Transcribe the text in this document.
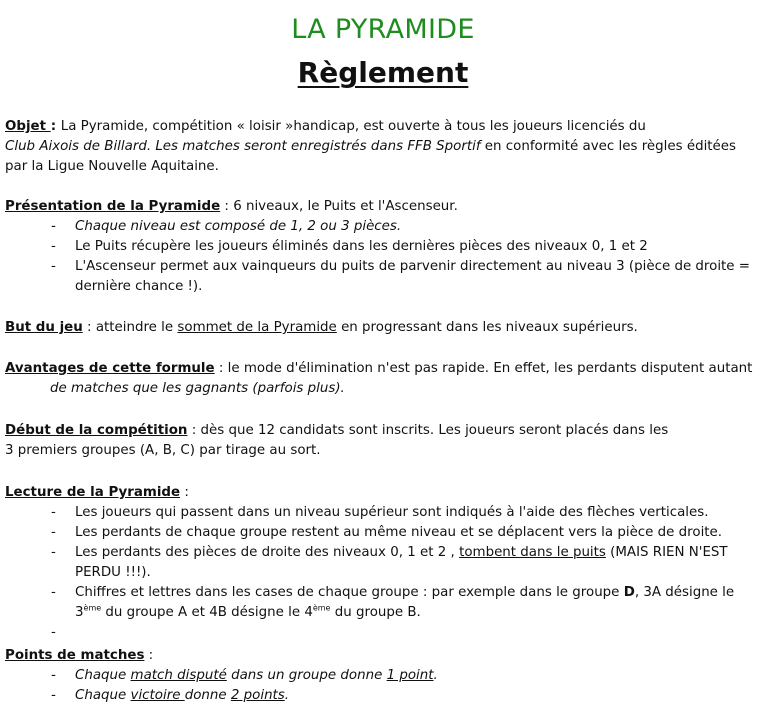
LA PYRAMIDE
Règlement
Objet : La Pyramide, compétition « loisir »handicap, est ouverte à tous les joueurs licenciés du
Club Aixois de Billard. Les matches seront enregistrés dans FFB Sportif en conformité avec les règles éditées
par la Ligue Nouvelle Aquitaine.
Présentation de la Pyramide : 6 niveaux, le Puits et l'Ascenseur.
- Chaque niveau est composé de 1, 2 ou 3 pièces.
- Le Puits récupère les joueurs éliminés dans les dernières pièces des niveaux 0, 1 et 2
- L'Ascenseur permet aux vainqueurs du puits de parvenir directement au niveau 3 (pièce de droite = dernière chance !).
But du jeu : atteindre le sommet de la Pyramide en progressant dans les niveaux supérieurs.
Avantages de cette formule : le mode d'élimination n'est pas rapide. En effet, les perdants disputent autant
de matches que les gagnants (parfois plus).
Début de la compétition : dès que 12 candidats sont inscrits. Les joueurs seront placés dans les
3 premiers groupes (A, B, C) par tirage au sort.
Lecture de la Pyramide :
- Les joueurs qui passent dans un niveau supérieur sont indiqués à l'aide des flèches verticales.
- Les perdants de chaque groupe restent au même niveau et se déplacent vers la pièce de droite.
- Les perdants des pièces de droite des niveaux 0, 1 et 2 , tombent dans le puits (MAIS RIEN N'EST PERDU !!!).
- Chiffres et lettres dans les cases de chaque groupe : par exemple dans le groupe D, 3A désigne le 3ème du groupe A et 4B désigne le 4ème du groupe B.
-
Points de matches :
- Chaque match disputé dans un groupe donne 1 point.
- Chaque victoire donne 2 points.
